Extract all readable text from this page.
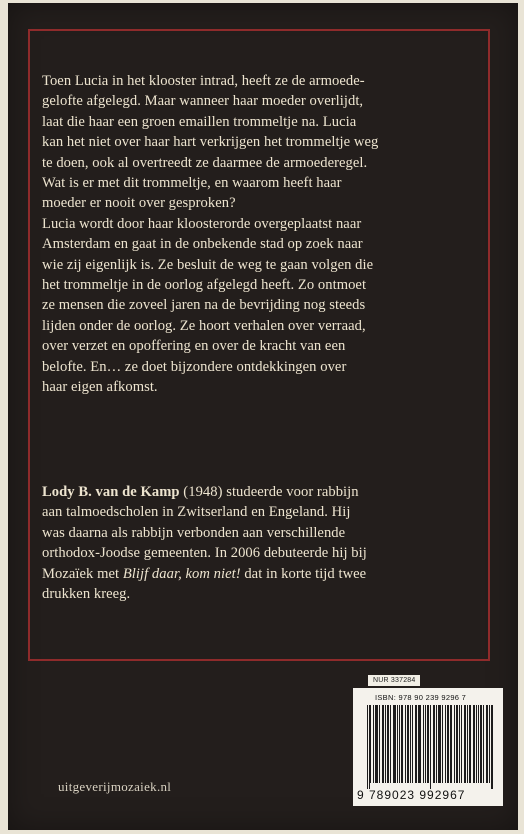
Toen Lucia in het klooster intrad, heeft ze de armoede-

gelofte afgelegd. Maar wanneer haar moeder overlijdt,

laat die haar een groen emaillen trommeltje na. Lucia

kan het niet over haar hart verkrijgen het trommeltje weg

te doen, ook al overtreedt ze daarmee de armoederegel.

Wat is er met dit trommeltje, en waarom heeft haar

moeder er nooit over gesproken?

Lucia wordt door haar kloosterorde overgeplaatst naar

Amsterdam en gaat in de onbekende stad op zoek naar

wie zij eigenlijk is. Ze besluit de weg te gaan volgen die

het trommeltje in de oorlog afgelegd heeft. Zo ontmoet

ze mensen die zoveel jaren na de bevrijding nog steeds

lijden onder de oorlog. Ze hoort verhalen over verraad,

over verzet en opoffering en over de kracht van een

belofte. En… ze doet bijzondere ontdekkingen over

haar eigen afkomst.

Lody B. van de Kamp (1948) studeerde voor rabbijn

aan talmoedscholen in Zwitserland en Engeland. Hij

was daarna als rabbijn verbonden aan verschillende

orthodox-Joodse gemeenten. In 2006 debuteerde hij bij

Mozaïek met Blijf daar, kom niet! dat in korte tijd twee

drukken kreeg.

NUR 337284
ISBN: 978 90 239 9296 7
9 789023 992967
uitgeverijmozaiek.nl
